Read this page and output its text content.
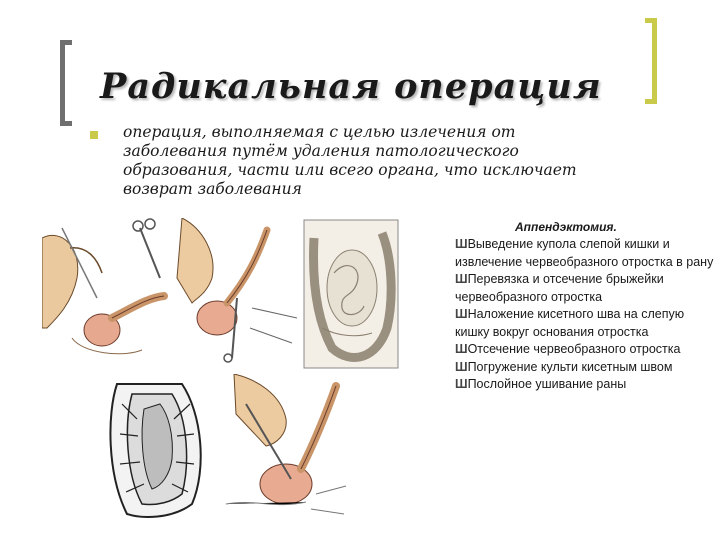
Радикальная операция
операция, выполняемая с целью излечения от заболевания путём удаления патологического образования, части или всего органа, что исключает возврат заболевания
Аппендэктомия.
ШВыведение купола слепой кишки и извлечение червеобразного отростка в рану
ШПеревязка и отсечение брыжейки червеобразного отростка
ШНаложение кисетного шва на слепую кишку вокруг основания отростка
ШОтсечение червеобразного отростка
ШПогружение культи кисетным швом
ШПослойное ушивание раны
